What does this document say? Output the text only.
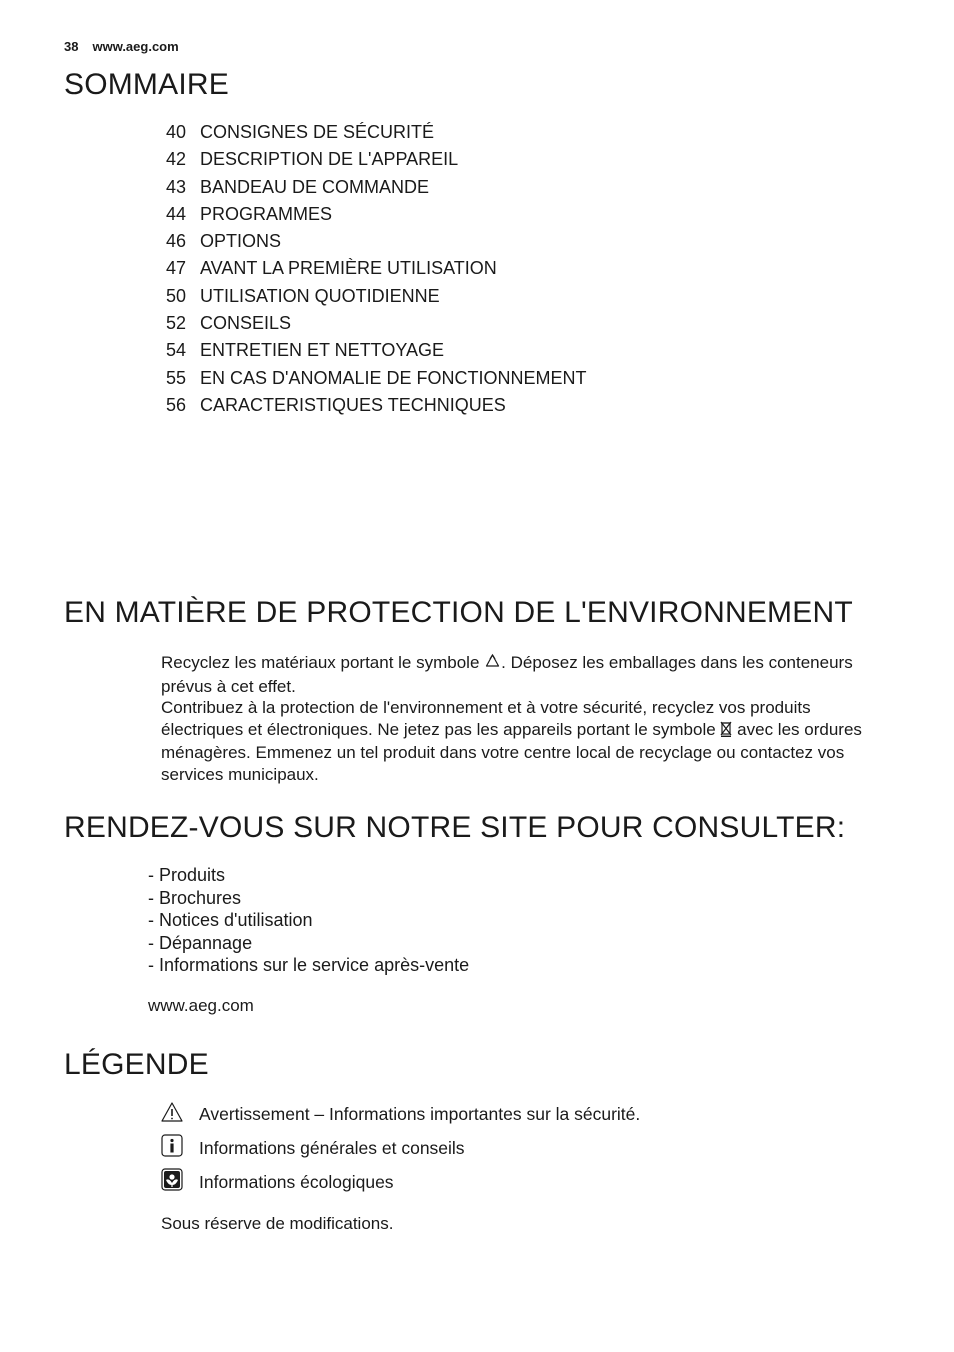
38 www.aeg.com
SOMMAIRE
40 CONSIGNES DE SÉCURITÉ
42 DESCRIPTION DE L'APPAREIL
43 BANDEAU DE COMMANDE
44 PROGRAMMES
46 OPTIONS
47 AVANT LA PREMIÈRE UTILISATION
50 UTILISATION QUOTIDIENNE
52 CONSEILS
54 ENTRETIEN ET NETTOYAGE
55 EN CAS D'ANOMALIE DE FONCTIONNEMENT
56 CARACTERISTIQUES TECHNIQUES
EN MATIÈRE DE PROTECTION DE L'ENVIRONNEMENT

Recyclez les matériaux portant le symbole . Déposez les emballages dans les conteneurs prévus à cet effet.

Contribuez à la protection de l'environnement et à votre sécurité, recyclez vos produits électriques et électroniques. Ne jetez pas les appareils portant le symbole avec les ordures ménagères. Emmenez un tel produit dans votre centre local de recyclage ou contactez vos services municipaux.

RENDEZ-VOUS SUR NOTRE SITE POUR CONSULTER:
- Produits
- Brochures
- Notices d'utilisation
- Dépannage
- Informations sur le service après-vente
www.aeg.com
LÉGENDE
Avertissement – Informations importantes sur la sécurité.
Informations générales et conseils
Informations écologiques
Sous réserve de modifications.
